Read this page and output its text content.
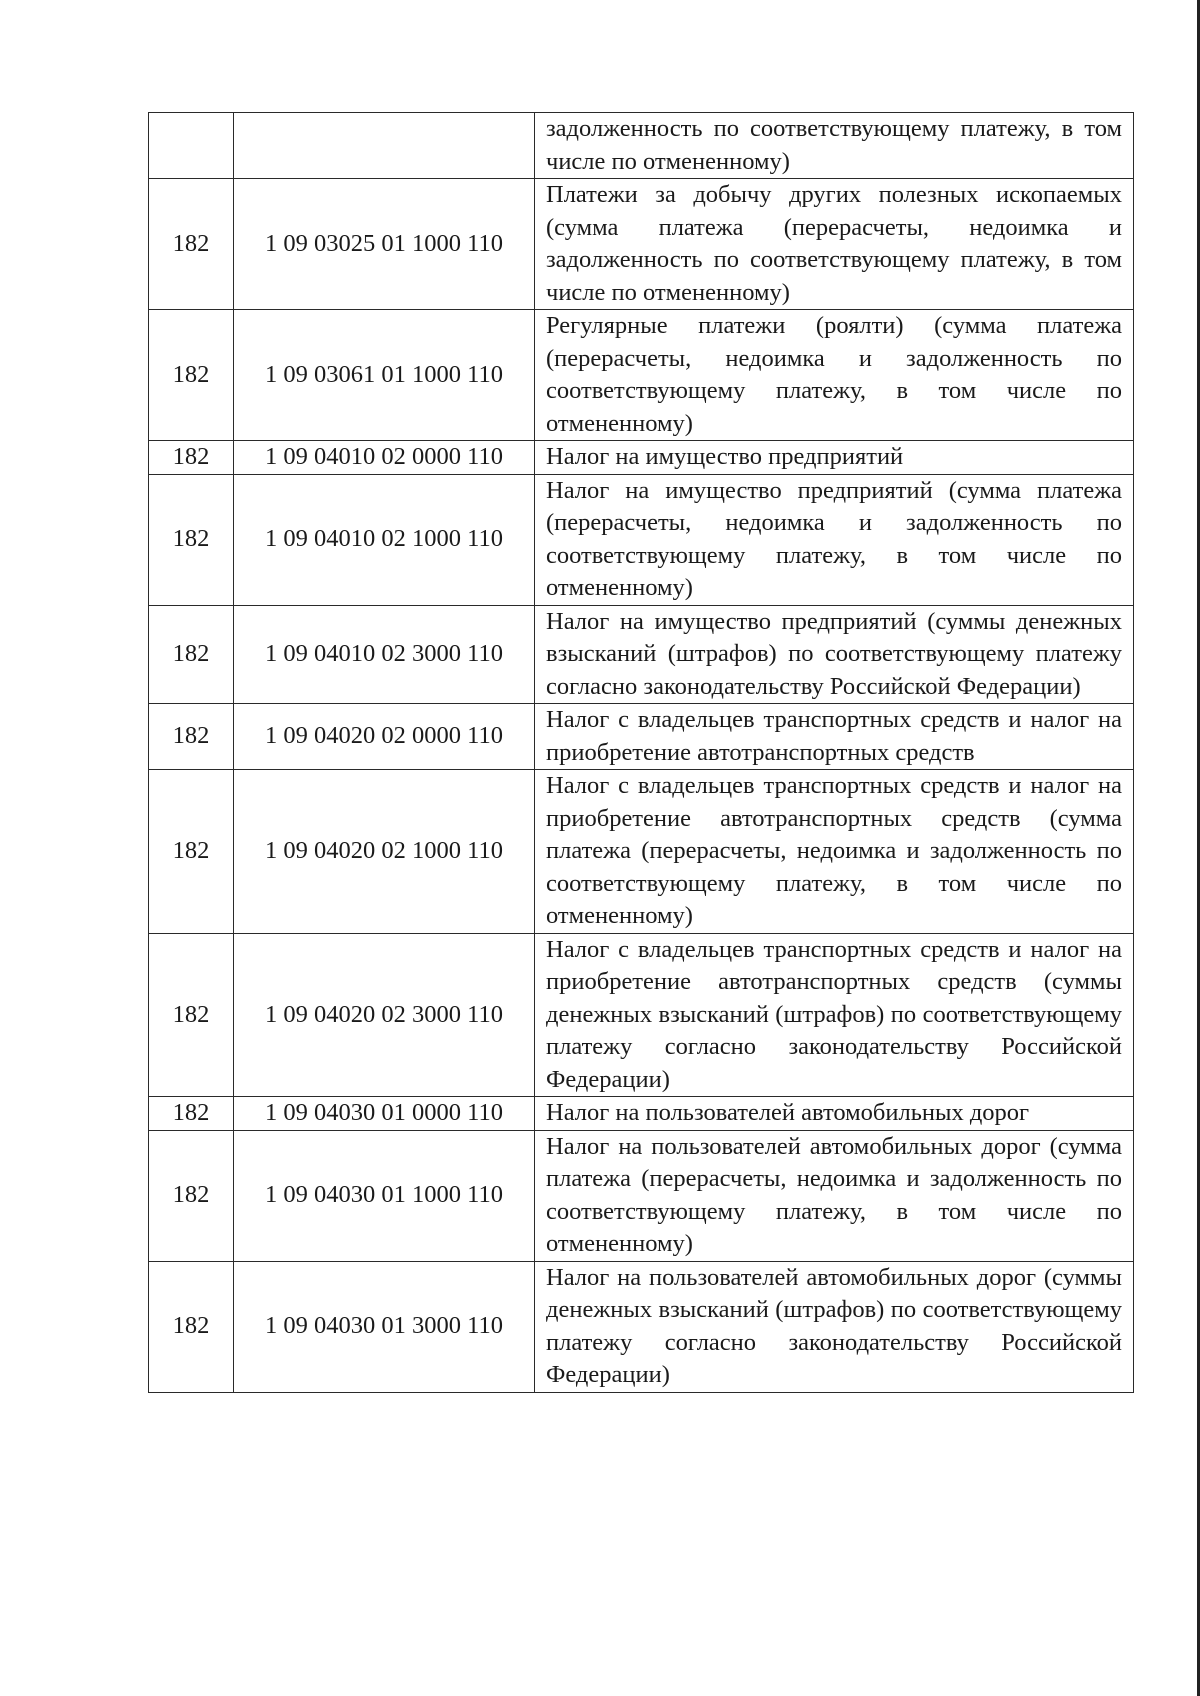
		задолженность по соответствующему платежу, в том числе по отмененному)
182	1 09 03025 01 1000 110	Платежи за добычу других полезных ископаемых (сумма платежа (перерасчеты, недоимка и задолженность по соответствующему платежу, в том числе по отмененному)
182	1 09 03061 01 1000 110	Регулярные платежи (роялти) (сумма платежа (перерасчеты, недоимка и задолженность по соответствующему платежу, в том числе по отмененному)
182	1 09 04010 02 0000 110	Налог на имущество предприятий
182	1 09 04010 02 1000 110	Налог на имущество предприятий (сумма платежа (перерасчеты, недоимка и задолженность по соответствующему платежу, в том числе по отмененному)
182	1 09 04010 02 3000 110	Налог на имущество предприятий (суммы денежных взысканий (штрафов) по соответствующему платежу согласно законодательству Российской Федерации)
182	1 09 04020 02 0000 110	Налог с владельцев транспортных средств и налог на приобретение автотранспортных средств
182	1 09 04020 02 1000 110	Налог с владельцев транспортных средств и налог на приобретение автотранспортных средств (сумма платежа (перерасчеты, недоимка и задолженность по соответствующему платежу, в том числе по отмененному)
182	1 09 04020 02 3000 110	Налог с владельцев транспортных средств и налог на приобретение автотранспортных средств (суммы денежных взысканий (штрафов) по соответствующему платежу согласно законодательству Российской Федерации)
182	1 09 04030 01 0000 110	Налог на пользователей автомобильных дорог
182	1 09 04030 01 1000 110	Налог на пользователей автомобильных дорог (сумма платежа (перерасчеты, недоимка и задолженность по соответствующему платежу, в том числе по отмененному)
182	1 09 04030 01 3000 110	Налог на пользователей автомобильных дорог (суммы денежных взысканий (штрафов) по соответствующему платежу согласно законодательству Российской Федерации)
